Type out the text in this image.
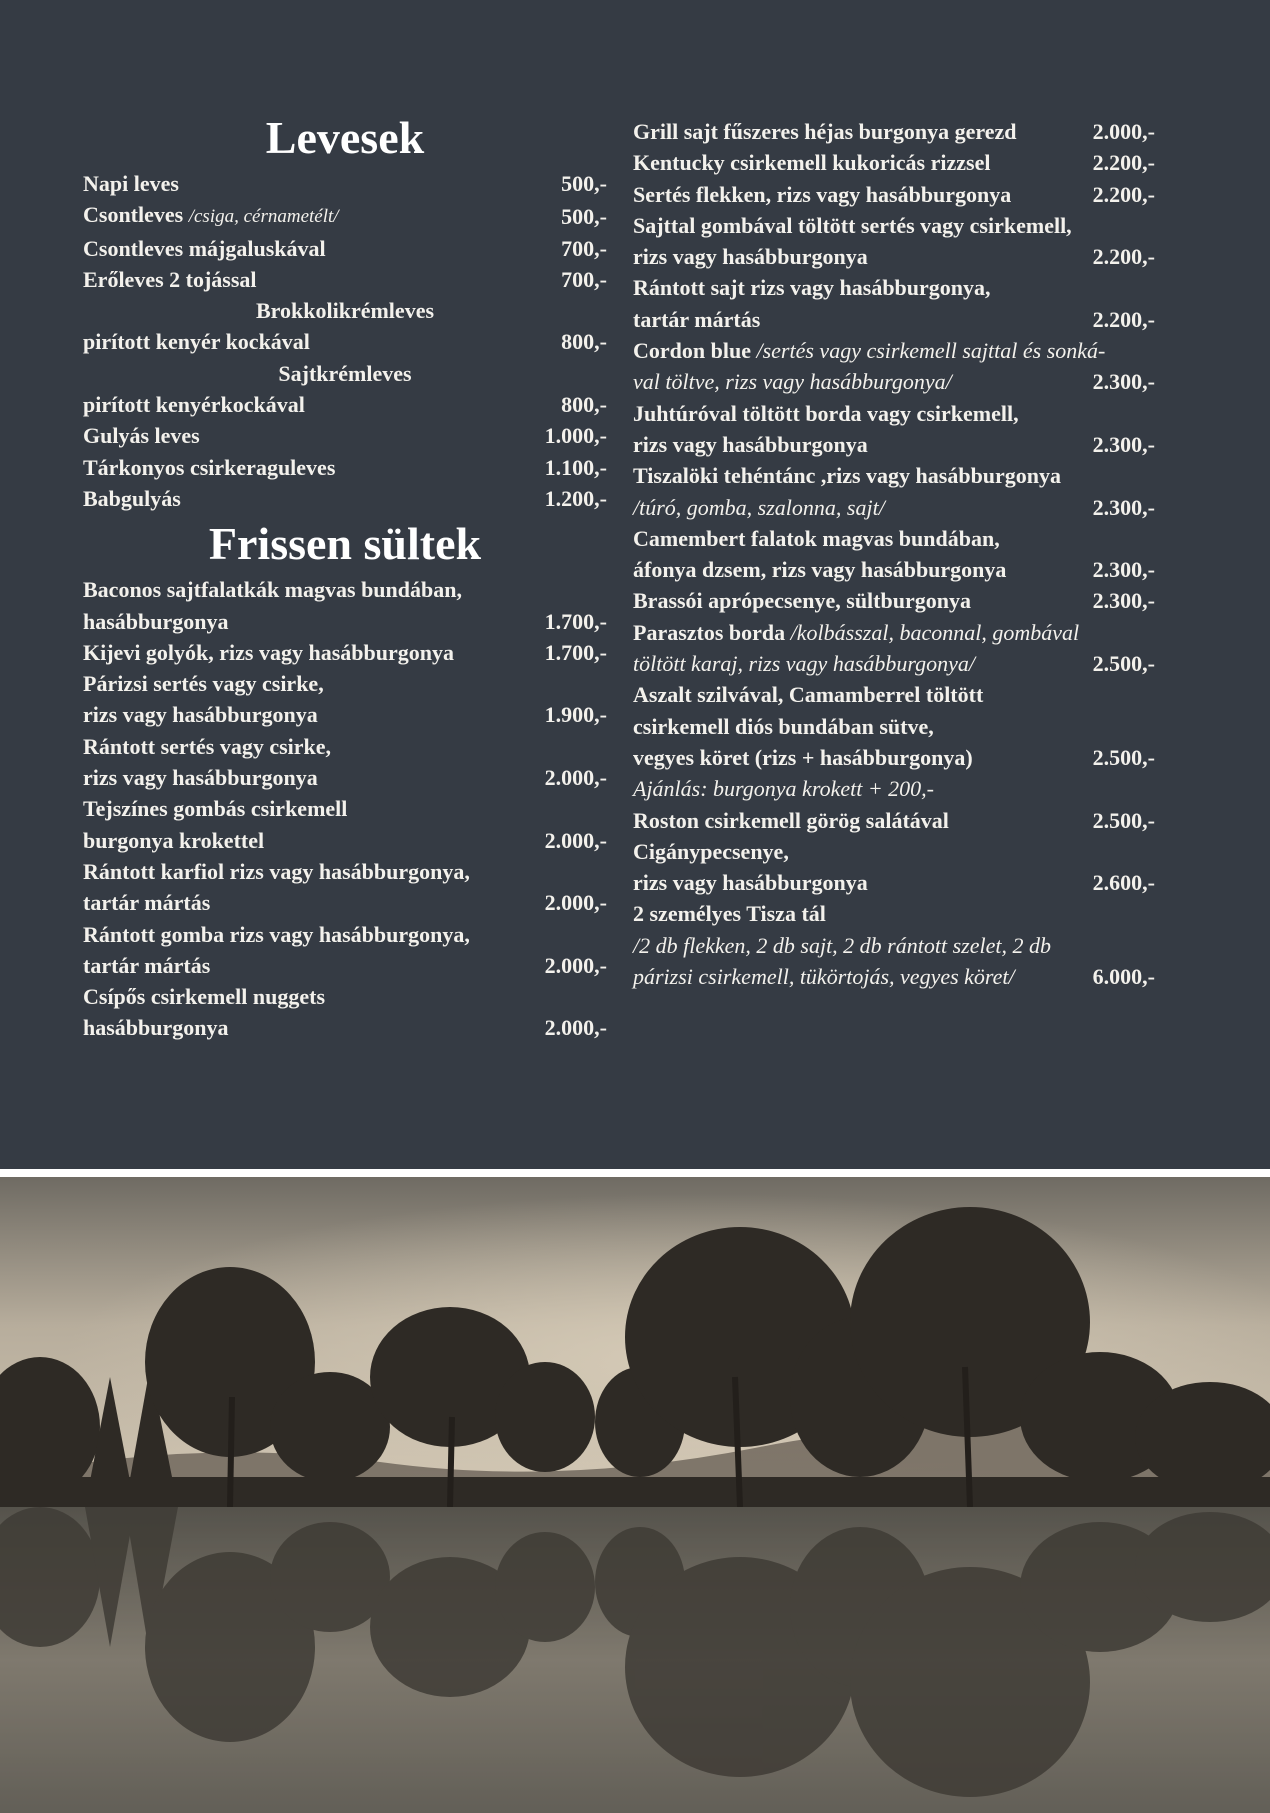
Levesek
Napi leves	500,-
Csontleves /csiga, cérnametélt/	500,-
Csontleves májgaluskával	700,-
Erőleves 2 tojással	700,-
Brokkolikrémleves
pirított kenyér kockával	800,-
Sajtkrémleves
pirított kenyérkockával	800,-
Gulyás leves	1.000,-
Tárkonyos csirkeraguleves	1.100,-
Babgulyás	1.200,-
Frissen sültek
Baconos sajtfalatkák magvas bundában,
hasábburgonya	1.700,-
Kijevi golyók, rizs vagy hasábburgonya	1.700,-
Párizsi sertés vagy csirke,
rizs vagy hasábburgonya	1.900,-
Rántott sertés vagy csirke,
rizs vagy hasábburgonya	2.000,-
Tejszínes gombás csirkemell
burgonya krokettel	2.000,-
Rántott karfiol rizs vagy hasábburgonya,
tartár mártás	2.000,-
Rántott gomba rizs vagy hasábburgonya,
tartár mártás	2.000,-
Csípős csirkemell nuggets
hasábburgonya	2.000,-
Grill sajt fűszeres héjas burgonya gerezd	2.000,-
Kentucky csirkemell kukoricás rizzsel	2.200,-
Sertés flekken, rizs vagy hasábburgonya	2.200,-
Sajttal gombával töltött sertés vagy csirkemell,
rizs vagy hasábburgonya	2.200,-
Rántott sajt rizs vagy hasábburgonya,
tartár mártás	2.200,-
Cordon blue /sertés vagy csirkemell sajttal és sonká-
val töltve, rizs vagy hasábburgonya/	2.300,-
Juhtúróval töltött borda vagy csirkemell,
rizs vagy hasábburgonya	2.300,-
Tiszalöki tehéntánc ,rizs vagy hasábburgonya
/túró, gomba, szalonna, sajt/	2.300,-
Camembert falatok magvas bundában,
áfonya dzsem, rizs vagy hasábburgonya	2.300,-
Brassói aprópecsenye, sültburgonya	2.300,-
Parasztos borda /kolbásszal, baconnal, gombával
töltött karaj, rizs vagy hasábburgonya/	2.500,-
Aszalt szilvával, Camamberrel töltött
csirkemell diós bundában sütve,
vegyes köret (rizs + hasábburgonya)	2.500,-
Ajánlás: burgonya krokett + 200,-
Roston csirkemell görög salátával	2.500,-
Cigánypecsenye,
rizs vagy hasábburgonya	2.600,-
2 személyes Tisza tál
/2 db flekken, 2 db sajt, 2 db rántott szelet, 2 db
párizsi csirkemell, tükörtojás, vegyes köret/	6.000,-
